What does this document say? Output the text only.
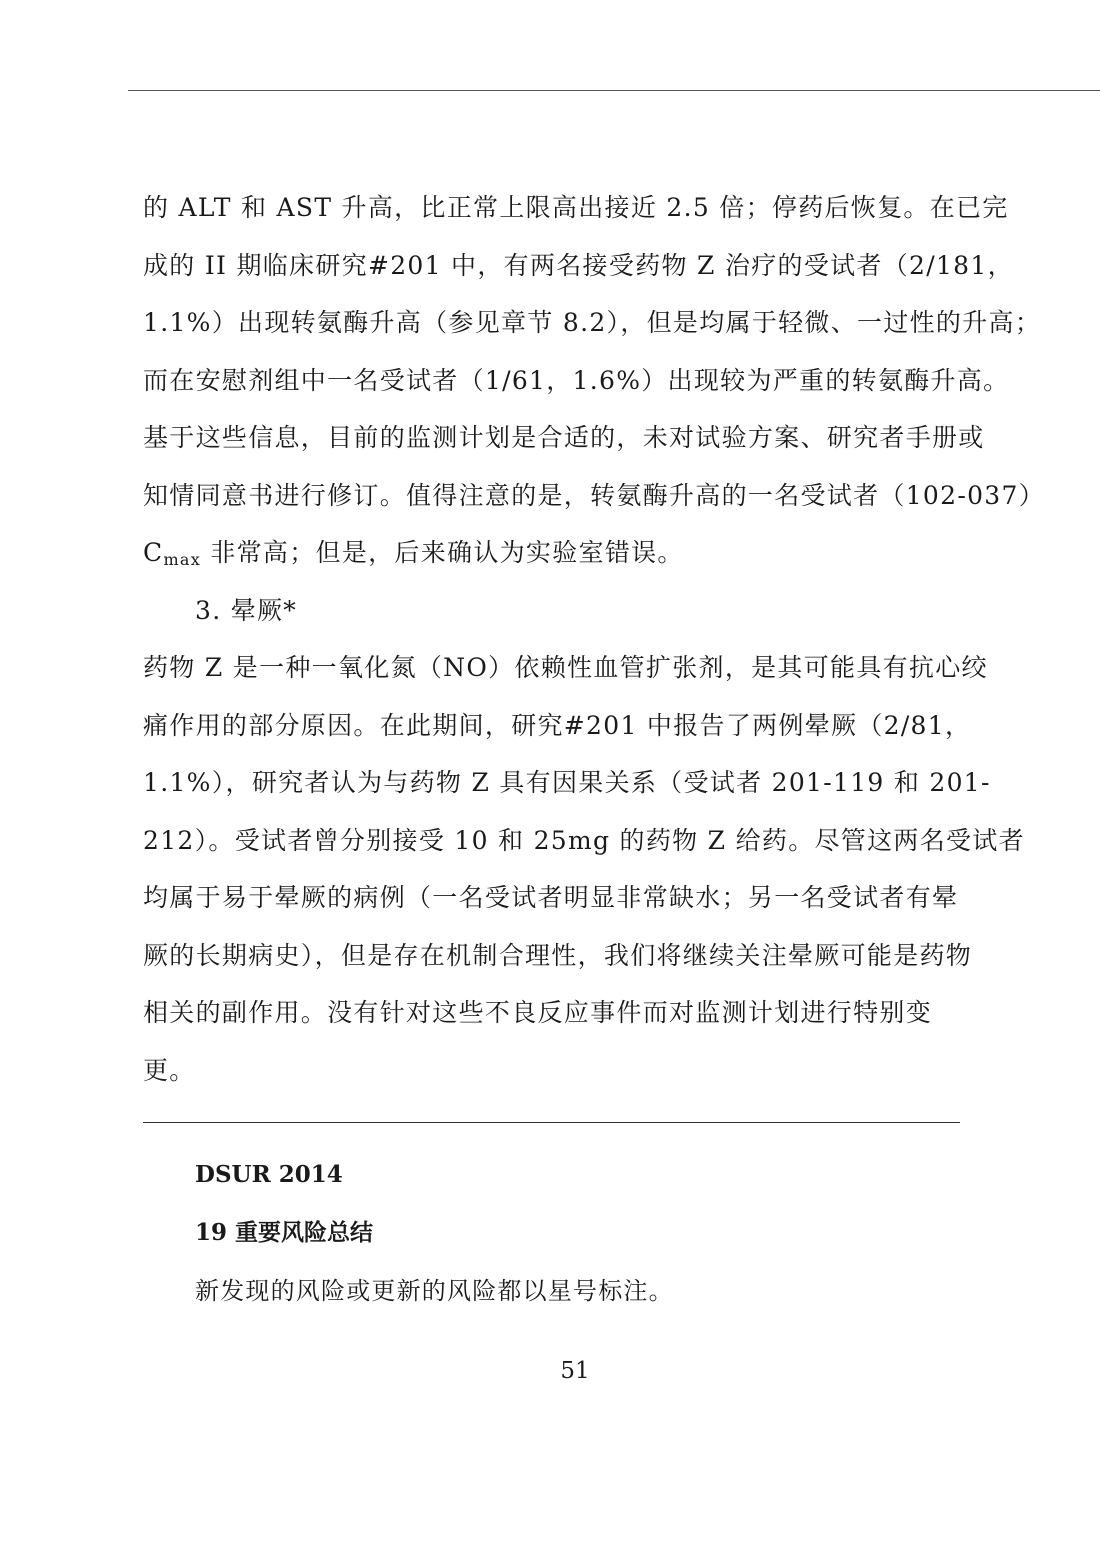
的 ALT 和 AST 升高，比正常上限高出接近 2.5 倍；停药后恢复。在已完
成的 II 期临床研究#201 中，有两名接受药物 Z 治疗的受试者（2/181，
1.1%）出现转氨酶升高（参见章节 8.2），但是均属于轻微、一过性的升高；
而在安慰剂组中一名受试者（1/61，1.6%）出现较为严重的转氨酶升高。
基于这些信息，目前的监测计划是合适的，未对试验方案、研究者手册或
知情同意书进行修订。值得注意的是，转氨酶升高的一名受试者（102-037）
Cmax 非常高；但是，后来确认为实验室错误。
3. 晕厥*
药物 Z 是一种一氧化氮（NO）依赖性血管扩张剂，是其可能具有抗心绞
痛作用的部分原因。在此期间，研究#201 中报告了两例晕厥（2/81，
1.1%），研究者认为与药物 Z 具有因果关系（受试者 201-119 和 201-
212）。受试者曾分别接受 10 和 25mg 的药物 Z 给药。尽管这两名受试者
均属于易于晕厥的病例（一名受试者明显非常缺水；另一名受试者有晕
厥的长期病史），但是存在机制合理性，我们将继续关注晕厥可能是药物
相关的副作用。没有针对这些不良反应事件而对监测计划进行特别变
更。
DSUR 2014
19 重要风险总结
新发现的风险或更新的风险都以星号标注。
51
